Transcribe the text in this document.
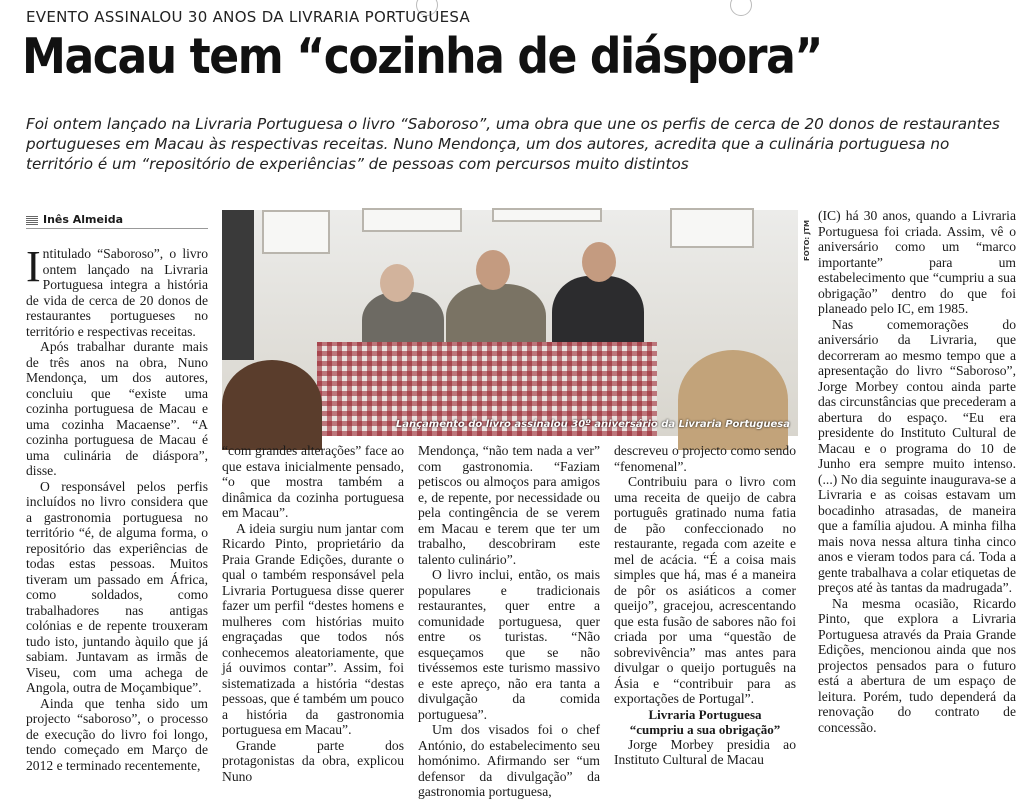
EVENTO ASSINALOU 30 ANOS DA LIVRARIA PORTUGUESA
Macau tem “cozinha de diáspora”

Foi ontem lançado na Livraria Portuguesa o livro “Saboroso”, uma obra que une os perfis de cerca de 20 donos de restaurantes portugueses em Macau às respectivas receitas. Nuno Mendonça, um dos autores, acredita que a culinária portuguesa no território é um “repositório de experiências” de pessoas com percursos muito distintos

Inês Almeida

Intitulado “Saboroso”, o livro ontem lançado na Livraria Portuguesa integra a história de vida de cerca de 20 donos de restaurantes portugueses no território e respectivas receitas.

Após trabalhar durante mais de três anos na obra, Nuno Mendonça, um dos autores, concluiu que “existe uma cozinha portuguesa de Macau e uma cozinha Macaense”. “A cozinha portuguesa de Macau é uma culinária de diáspora”, disse.

O responsável pelos perfis incluídos no livro considera que a gastronomia portuguesa no território “é, de alguma forma, o repositório das experiências de todas estas pessoas. Muitos tiveram um passado em África, como soldados, como trabalhadores nas antigas colónias e de repente trouxeram tudo isto, juntando àquilo que já sabiam. Juntavam as irmãs de Viseu, com uma achega de Angola, outra de Moçambique”.

Ainda que tenha sido um projecto “saboroso”, o processo de execução do livro foi longo, tendo começado em Março de 2012 e terminado recentemente,

Lançamento do livro assinalou 30º aniversário da Livraria Portuguesa
FOTO: JTM

“com grandes alterações” face ao que estava inicialmente pensado, “o que mostra também a dinâmica da cozinha portuguesa em Macau”.

A ideia surgiu num jantar com Ricardo Pinto, proprietário da Praia Grande Edições, durante o qual o também responsável pela Livraria Portuguesa disse querer fazer um perfil “destes homens e mulheres com histórias muito engraçadas que todos nós conhecemos aleatoriamente, que já ouvimos contar”. Assim, foi sistematizada a história “destas pessoas, que é também um pouco a história da gastronomia portuguesa em Macau”.

Grande parte dos protagonistas da obra, explicou Nuno

Mendonça, “não tem nada a ver” com gastronomia. “Faziam petiscos ou almoços para amigos e, de repente, por necessidade ou pela contingência de se verem em Macau e terem que ter um trabalho, descobriram este talento culinário”.

O livro inclui, então, os mais populares e tradicionais restaurantes, quer entre a comunidade portuguesa, quer entre os turistas. “Não esqueçamos que se não tivéssemos este turismo massivo e este apreço, não era tanta a divulgação da comida portuguesa”.

Um dos visados foi o chef António, do estabelecimento seu homónimo. Afirmando ser “um defensor da divulgação” da gastronomia portuguesa,

descreveu o projecto como sendo “fenomenal”.

Contribuiu para o livro com uma receita de queijo de cabra português gratinado numa fatia de pão confeccionado no restaurante, regada com azeite e mel de acácia. “É a coisa mais simples que há, mas é a maneira de pôr os asiáticos a comer queijo”, gracejou, acrescentando que esta fusão de sabores não foi criada por uma “questão de sobrevivência” mas antes para divulgar o queijo português na Ásia e “contribuir para as exportações de Portugal”.

Livraria Portuguesa

“cumpriu a sua obrigação”

Jorge Morbey presidia ao Instituto Cultural de Macau

(IC) há 30 anos, quando a Livraria Portuguesa foi criada. Assim, vê o aniversário como um “marco importante” para um estabelecimento que “cumpriu a sua obrigação” dentro do que foi planeado pelo IC, em 1985.

Nas comemorações do aniversário da Livraria, que decorreram ao mesmo tempo que a apresentação do livro “Saboroso”, Jorge Morbey contou ainda parte das circunstâncias que precederam a abertura do espaço. “Eu era presidente do Instituto Cultural de Macau e o programa do 10 de Junho era sempre muito intenso. (...) No dia seguinte inaugurava-se a Livraria e as coisas estavam um bocadinho atrasadas, de maneira que a família ajudou. A minha filha mais nova nessa altura tinha cinco anos e vieram todos para cá. Toda a gente trabalhava a colar etiquetas de preços até às tantas da madrugada”.

Na mesma ocasião, Ricardo Pinto, que explora a Livraria Portuguesa através da Praia Grande Edições, mencionou ainda que nos projectos pensados para o futuro está a abertura de um espaço de leitura. Porém, tudo dependerá da renovação do contrato de concessão.
